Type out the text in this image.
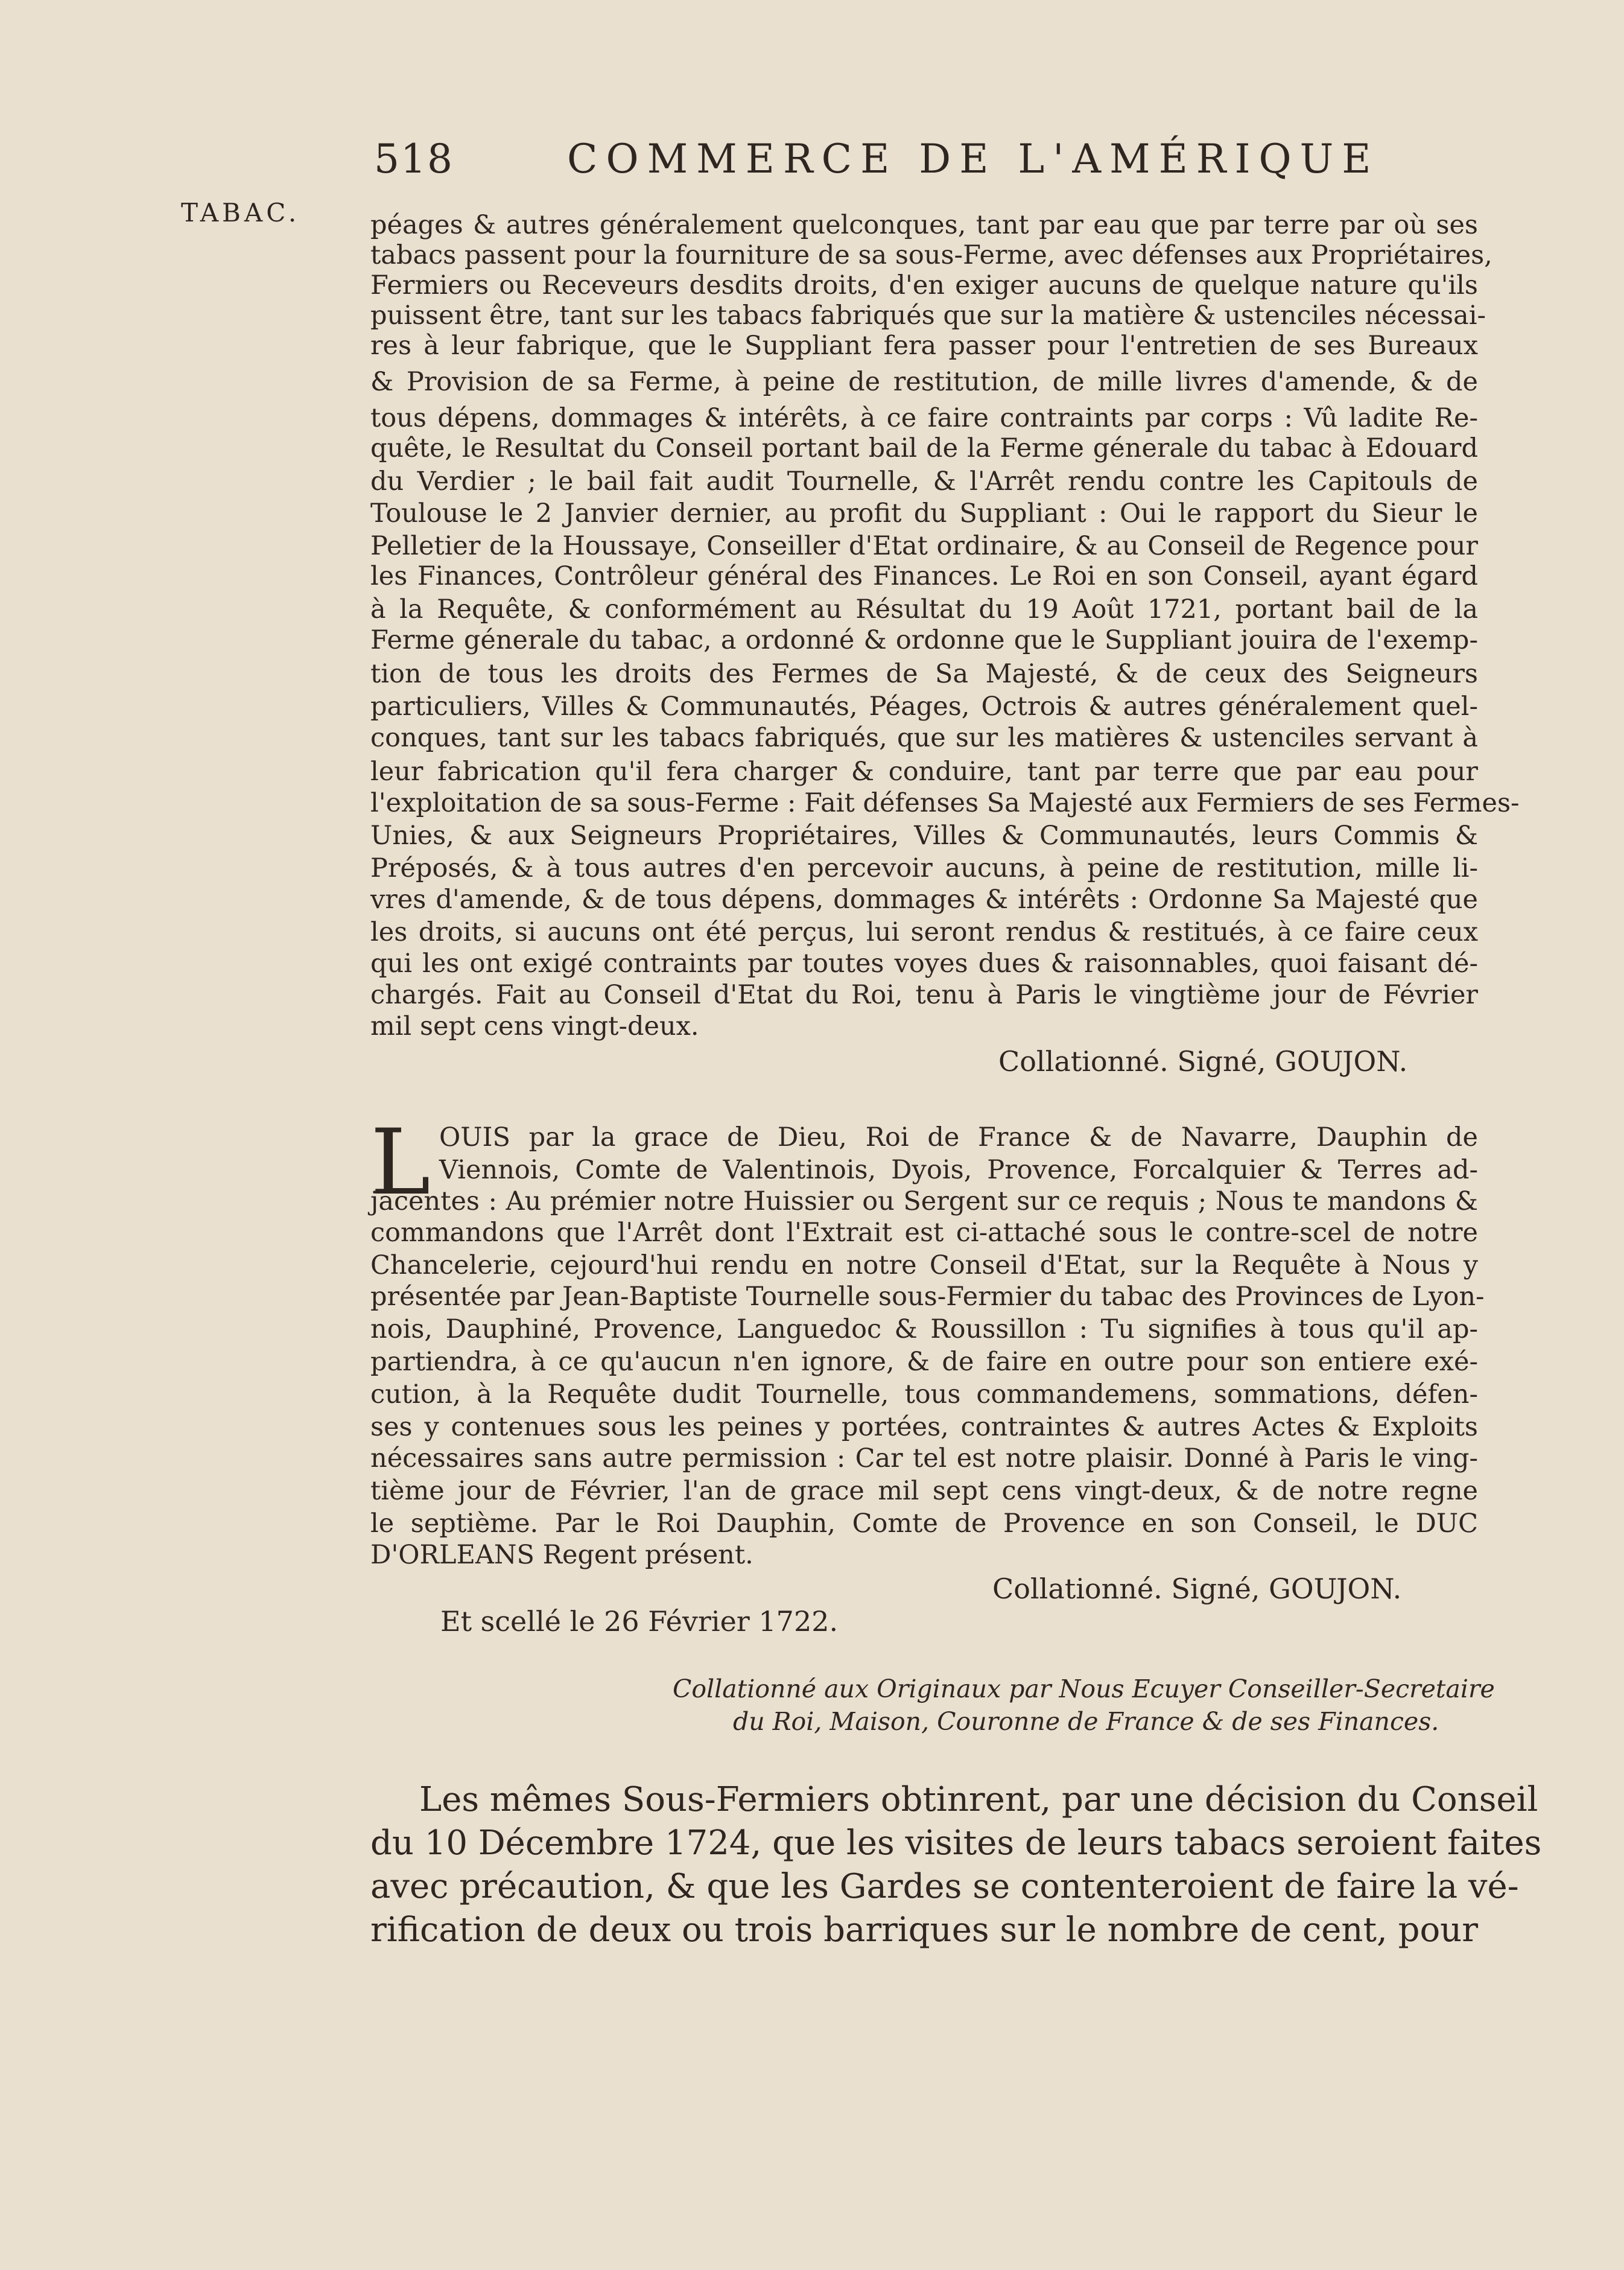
518	COMMERCE DE L'AMÉRIQUE
TABAC.	péages & autres généralement quelconques, tant par eau que par terre par où ses
tabacs passent pour la fourniture de sa sous-Ferme, avec défenses aux Propriétaires,
Fermiers ou Receveurs desdits droits, d'en exiger aucuns de quelque nature qu'ils
puissent être, tant sur les tabacs fabriqués que sur la matière & ustenciles nécessai-
res à leur fabrique, que le Suppliant fera passer pour l'entretien de ses Bureaux
& Provision de sa Ferme, à peine de restitution, de mille livres d'amende, & de
tous dépens, dommages & intérêts, à ce faire contraints par corps : Vû ladite Re-
quête, le Resultat du Conseil portant bail de la Ferme génerale du tabac à Edouard
du Verdier ; le bail fait audit Tournelle, & l'Arrêt rendu contre les Capitouls de
Toulouse le 2 Janvier dernier, au profit du Suppliant : Oui le rapport du Sieur le
Pelletier de la Houssaye, Conseiller d'Etat ordinaire, & au Conseil de Regence pour
les Finances, Contrôleur général des Finances. Le Roi en son Conseil, ayant égard
à la Requête, & conformément au Résultat du 19 Août 1721, portant bail de la
Ferme génerale du tabac, a ordonné & ordonne que le Suppliant jouira de l'exemp-
tion de tous les droits des Fermes de Sa Majesté, & de ceux des Seigneurs
particuliers, Villes & Communautés, Péages, Octrois & autres généralement quel-
conques, tant sur les tabacs fabriqués, que sur les matières & ustenciles servant à
leur fabrication qu'il fera charger & conduire, tant par terre que par eau pour
l'exploitation de sa sous-Ferme : Fait défenses Sa Majesté aux Fermiers de ses Fermes-
Unies, & aux Seigneurs Propriétaires, Villes & Communautés, leurs Commis &
Préposés, & à tous autres d'en percevoir aucuns, à peine de restitution, mille li-
vres d'amende, & de tous dépens, dommages & intérêts : Ordonne Sa Majesté que
les droits, si aucuns ont été perçus, lui seront rendus & restitués, à ce faire ceux
qui les ont exigé contraints par toutes voyes dues & raisonnables, quoi faisant dé-
chargés. Fait au Conseil d'Etat du Roi, tenu à Paris le vingtième jour de Février
mil sept cens vingt-deux.
Collationné. Signé, GOUJON.
L OUIS par la grace de Dieu, Roi de France & de Navarre, Dauphin de
Viennois, Comte de Valentinois, Dyois, Provence, Forcalquier & Terres ad-
jacentes : Au prémier notre Huissier ou Sergent sur ce requis ; Nous te mandons &
commandons que l'Arrêt dont l'Extrait est ci-attaché sous le contre-scel de notre
Chancelerie, cejourd'hui rendu en notre Conseil d'Etat, sur la Requête à Nous y
présentée par Jean-Baptiste Tournelle sous-Fermier du tabac des Provinces de Lyon-
nois, Dauphiné, Provence, Languedoc & Roussillon : Tu signifies à tous qu'il ap-
partiendra, à ce qu'aucun n'en ignore, & de faire en outre pour son entiere exé-
cution, à la Requête dudit Tournelle, tous commandemens, sommations, défen-
ses y contenues sous les peines y portées, contraintes & autres Actes & Exploits
nécessaires sans autre permission : Car tel est notre plaisir. Donné à Paris le ving-
tième jour de Février, l'an de grace mil sept cens vingt-deux, & de notre regne
le septième. Par le Roi Dauphin, Comte de Provence en son Conseil, le DUC
D'ORLEANS Regent présent.
Collationné. Signé, GOUJON.
Et scellé le 26 Février 1722.
Collationné aux Originaux par Nous Ecuyer Conseiller-Secretaire
du Roi, Maison, Couronne de France & de ses Finances.
Les mêmes Sous-Fermiers obtinrent, par une décision du Conseil
du 10 Décembre 1724, que les visites de leurs tabacs seroient faites
avec précaution, & que les Gardes se contenteroient de faire la vé-
rification de deux ou trois barriques sur le nombre de cent, pour
